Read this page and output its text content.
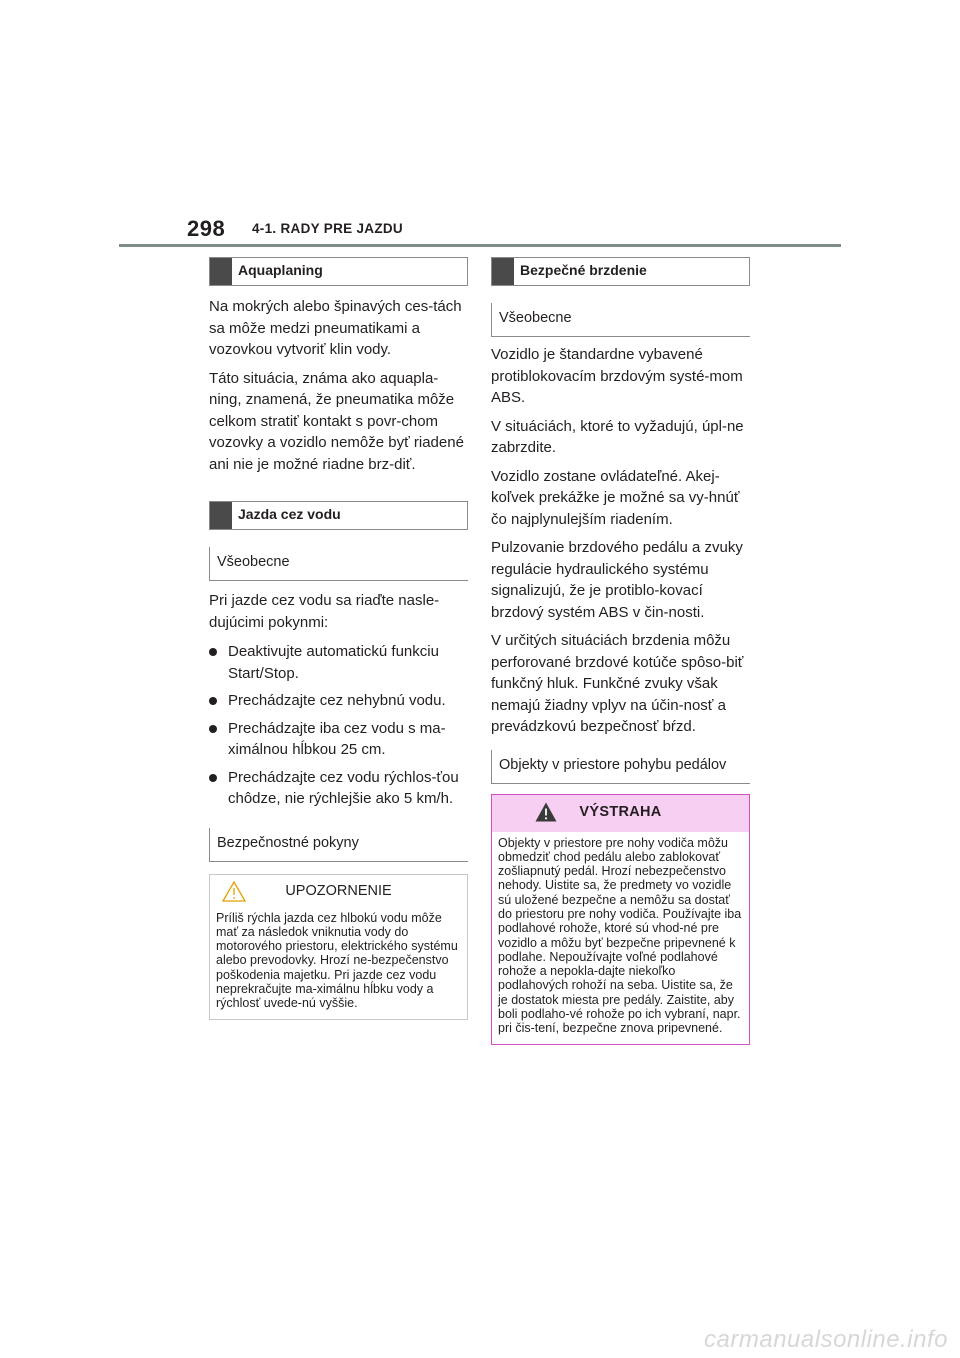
298 4-1. RADY PRE JAZDU
Aquaplaning

Na mokrých alebo špinavých ces-tách sa môže medzi pneumatikami a vozovkou vytvoriť klin vody.

Táto situácia, známa ako aquapla-ning, znamená, že pneumatika môže celkom stratiť kontakt s povr-chom vozovky a vozidlo nemôže byť riadené ani nie je možné riadne brz-diť.

Jazda cez vodu
Všeobecne

Pri jazde cez vodu sa riaďte nasle-dujúcimi pokynmi:

Deaktivujte automatickú funkciu Start/Stop.
Prechádzajte cez nehybnú vodu.
Prechádzajte iba cez vodu s ma-ximálnou hĺbkou 25 cm.
Prechádzajte cez vodu rýchlos-ťou chôdze, nie rýchlejšie ako 5 km/h.
Bezpečnostné pokyny
UPOZORNENIE
Príliš rýchla jazda cez hlbokú vodu môže mať za následok vniknutia vody do motorového priestoru, elektrického systému alebo prevodovky. Hrozí ne-bezpečenstvo poškodenia majetku. Pri jazde cez vodu neprekračujte ma-ximálnu hĺbku vody a rýchlosť uvede-nú vyššie.
Bezpečné brzdenie
Všeobecne

Vozidlo je štandardne vybavené protiblokovacím brzdovým systé-mom ABS.

V situáciách, ktoré to vyžadujú, úpl-ne zabrzdite.

Vozidlo zostane ovládateľné. Akej-koľvek prekážke je možné sa vy-hnúť čo najplynulejším riadením.

Pulzovanie brzdového pedálu a zvuky regulácie hydraulického systému signalizujú, že je protiblo-kovací brzdový systém ABS v čin-nosti.

V určitých situáciách brzdenia môžu perforované brzdové kotúče spôso-biť funkčný hluk. Funkčné zvuky však nemajú žiadny vplyv na účin-nosť a prevádzkovú bezpečnosť bŕzd.

Objekty v priestore pohybu pedálov
VÝSTRAHA
Objekty v priestore pre nohy vodiča môžu obmedziť chod pedálu alebo zablokovať zošliapnutý pedál. Hrozí nebezpečenstvo nehody. Uistite sa, že predmety vo vozidle sú uložené bezpečne a nemôžu sa dostať do priestoru pre nohy vodiča. Používajte iba podlahové rohože, ktoré sú vhod-né pre vozidlo a môžu byť bezpečne pripevnené k podlahe. Nepoužívajte voľné podlahové rohože a nepokla-dajte niekoľko podlahových rohoží na seba. Uistite sa, že je dostatok miesta pre pedály. Zaistite, aby boli podlaho-vé rohože po ich vybraní, napr. pri čis-tení, bezpečne znova pripevnené.
carmanualsonline.info
